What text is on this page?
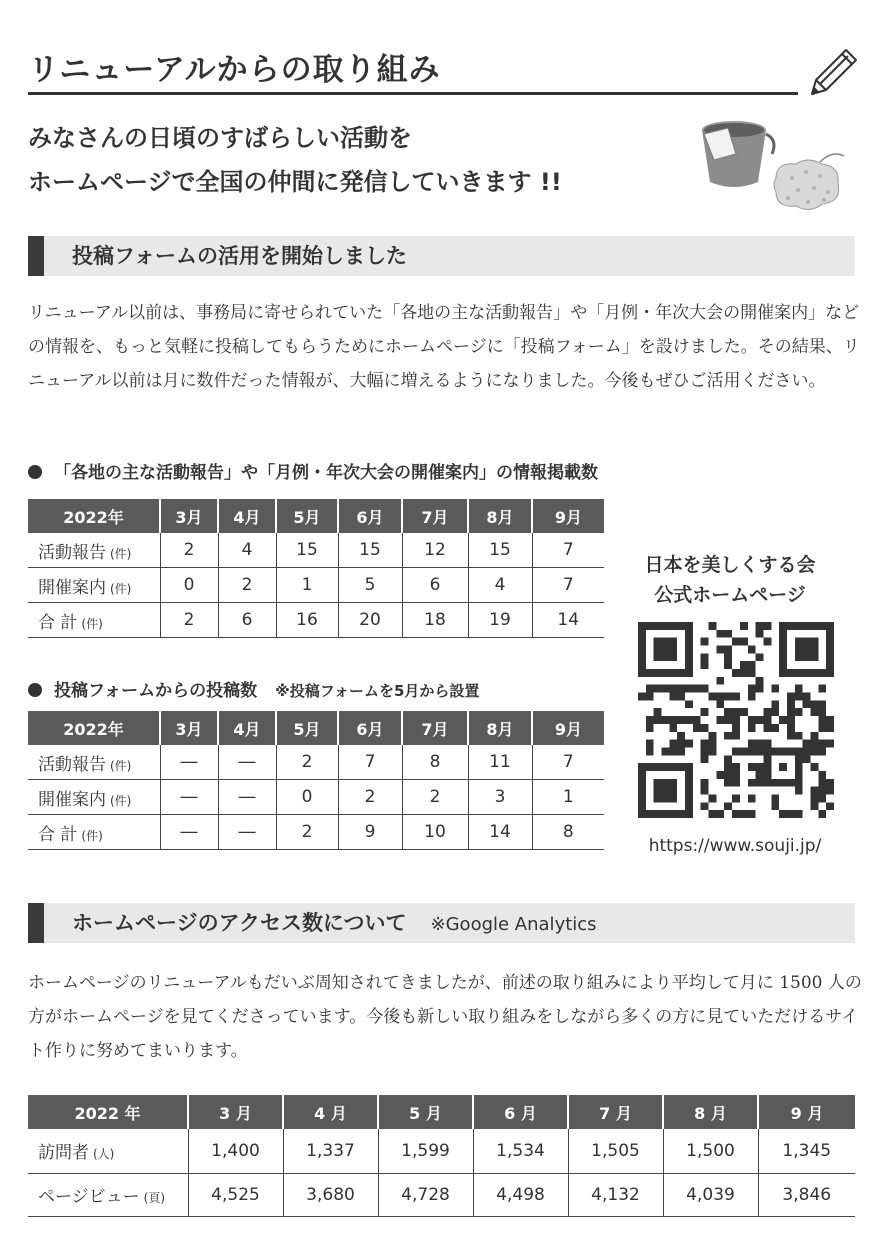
リニューアルからの取り組み
みなさんの日頃のすばらしい活動を
ホームページで全国の仲間に発信していきます !!
投稿フォームの活用を開始しました
リニューアル以前は、事務局に寄せられていた「各地の主な活動報告」や「月例・年次大会の開催案内」などの情報を、もっと気軽に投稿してもらうためにホームページに「投稿フォーム」を設けました。その結果、リニューアル以前は月に数件だった情報が、大幅に増えるようになりました。今後もぜひご活用ください。
「各地の主な活動報告」や「月例・年次大会の開催案内」の情報掲載数
2022年	3月	4月	5月	6月	7月	8月	9月
活動報告 (件)	2	4	15	15	12	15	7
開催案内 (件)	0	2	1	5	6	4	7
合 計 (件)	2	6	16	20	18	19	14
投稿フォームからの投稿数 ※投稿フォームを5月から設置
2022年	3月	4月	5月	6月	7月	8月	9月
活動報告 (件)	―	―	2	7	8	11	7
開催案内 (件)	―	―	0	2	2	3	1
合 計 (件)	―	―	2	9	10	14	8
日本を美しくする会
公式ホームページ
https://www.souji.jp/
ホームページのアクセス数について ※Google Analytics
ホームページのリニューアルもだいぶ周知されてきましたが、前述の取り組みにより平均して月に 1500 人の方がホームページを見てくださっています。今後も新しい取り組みをしながら多くの方に見ていただけるサイト作りに努めてまいります。
2022 年	3 月	4 月	5 月	6 月	7 月	8 月	9 月
訪問者 (人)	1,400	1,337	1,599	1,534	1,505	1,500	1,345
ページビュー (頁)	4,525	3,680	4,728	4,498	4,132	4,039	3,846
